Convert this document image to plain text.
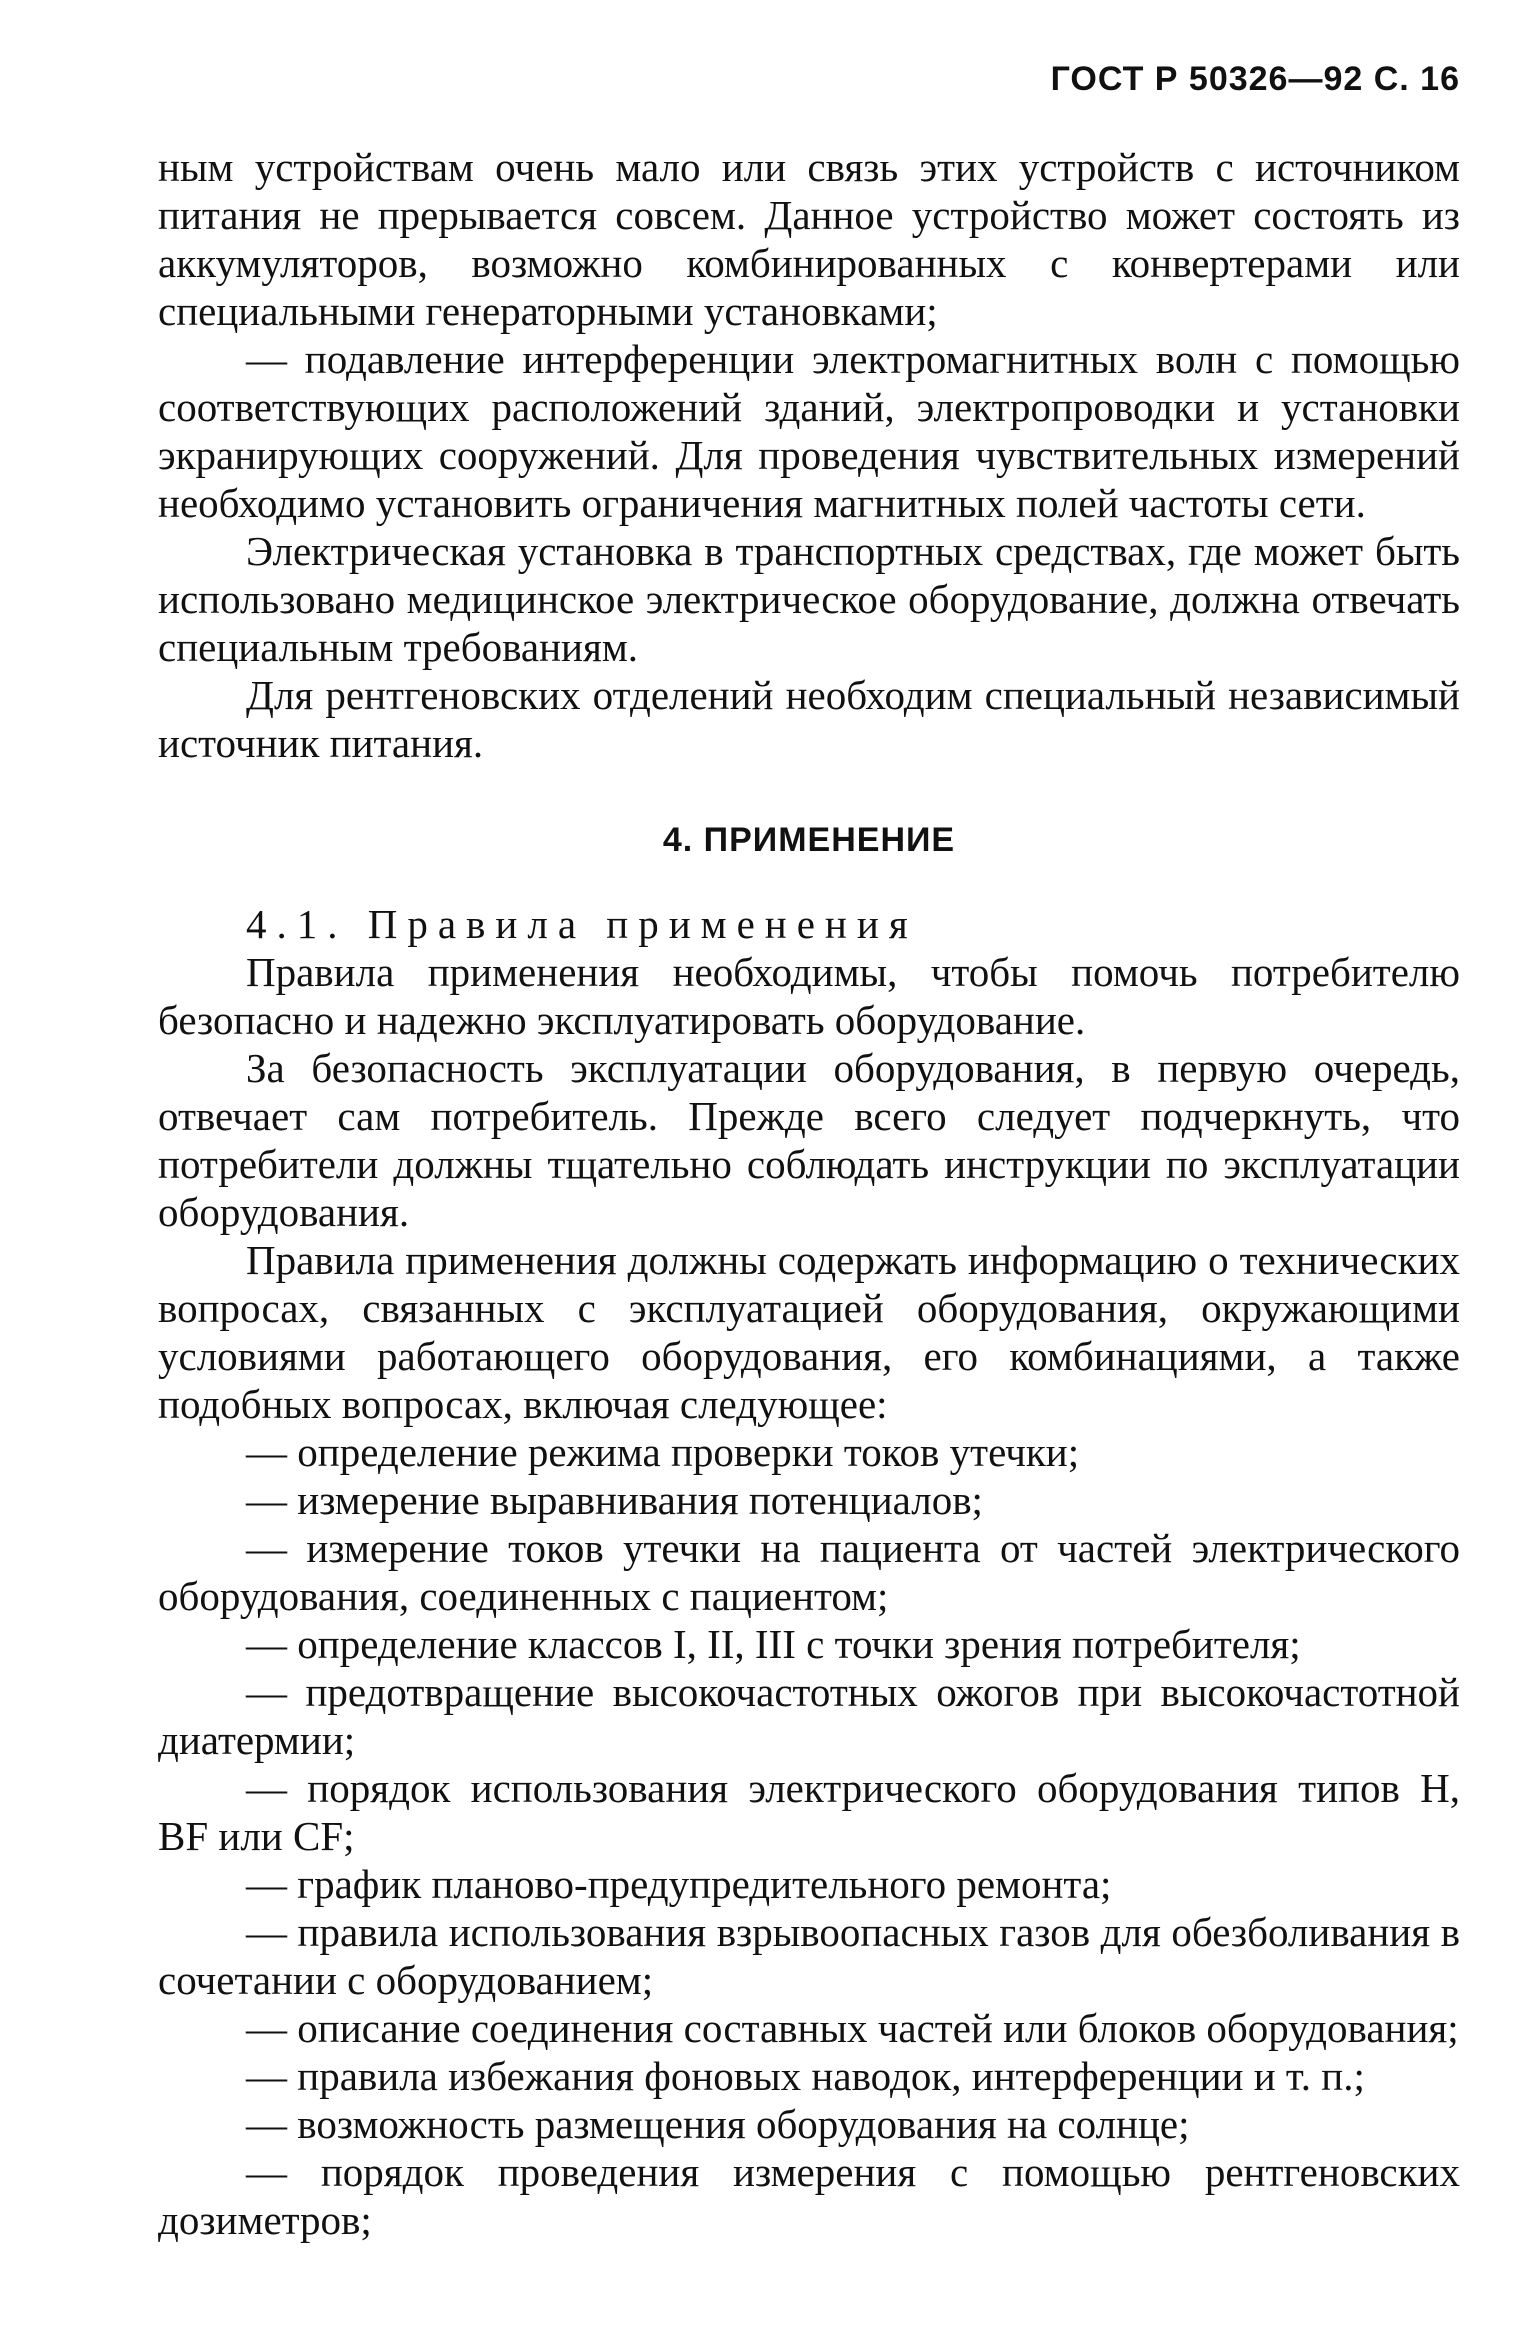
ГОСТ Р 50326—92 С. 16

ным устройствам очень мало или связь этих устройств с источником питания не прерывается совсем. Данное устройство может состоять из аккумуляторов, возможно комбинированных с конвертерами или специальными генераторными установками;

— подавление интерференции электромагнитных волн с помощью соответствующих расположений зданий, электропроводки и установки экранирующих сооружений. Для проведения чувствительных измерений необходимо установить ограничения магнитных полей частоты сети.

Электрическая установка в транспортных средствах, где может быть использовано медицинское электрическое оборудование, должна отвечать специальным требованиям.

Для рентгеновских отделений необходим специальный независимый источник питания.

4. ПРИМЕНЕНИЕ

4.1. Правила применения

Правила применения необходимы, чтобы помочь потребителю безопасно и надежно эксплуатировать оборудование.

За безопасность эксплуатации оборудования, в первую очередь, отвечает сам потребитель. Прежде всего следует подчеркнуть, что потребители должны тщательно соблюдать инструкции по эксплуатации оборудования.

Правила применения должны содержать информацию о технических вопросах, связанных с эксплуатацией оборудования, окружающими условиями работающего оборудования, его комбинациями, а также подобных вопросах, включая следующее:

— определение режима проверки токов утечки;

— измерение выравнивания потенциалов;

— измерение токов утечки на пациента от частей электрического оборудования, соединенных с пациентом;

— определение классов I, II, III с точки зрения потребителя;

— предотвращение высокочастотных ожогов при высокочастотной диатермии;

— порядок использования электрического оборудования типов Н, BF или CF;

— график планово-предупредительного ремонта;

— правила использования взрывоопасных газов для обезболивания в сочетании с оборудованием;

— описание соединения составных частей или блоков оборудования;

— правила избежания фоновых наводок, интерференции и т. п.;

— возможность размещения оборудования на солнце;

— порядок проведения измерения с помощью рентгеновских дозиметров;
